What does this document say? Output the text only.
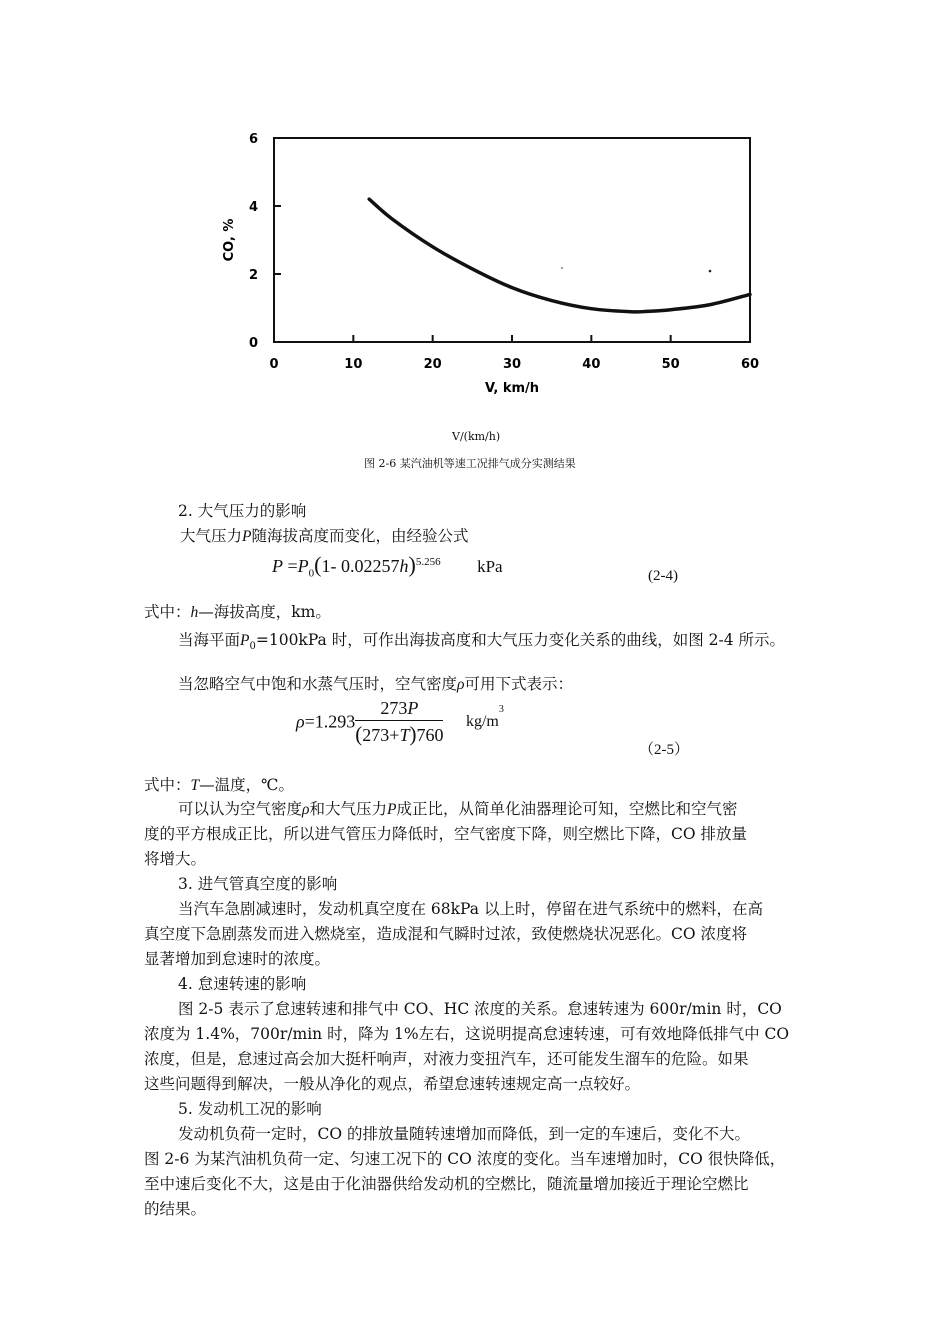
0
2
4
6
0	10	20	30	40	50	60
CO, %
V, km/h
V/(km/h)
图 2-6 某汽油机等速工况排气成分实测结果
2. 大气压力的影响
大气压力P随海拔高度而变化，由经验公式
$P =P_0(1-$ 0.02257h)$^{5.256}$ kPa	(2-4)
式中：h—海拔高度，km。
当海平面$P_0=100kPa$ 时，可作出海拔高度和大气压力变化关系的曲线，如图 2-4 所示。
当忽略空气中饱和水蒸气压时，空气密度ρ可用下式表示：
$\rho=1.293 \frac{273P}{(273+T)760} kg/m^3$
（2-5）
式中：T—温度，℃。
可以认为空气密度ρ和大气压力P成正比，从简单化油器理论可知，空燃比和空气密
度的平方根成正比，所以进气管压力降低时，空气密度下降，则空燃比下降，CO 排放量
将增大。
3. 进气管真空度的影响
当汽车急剧减速时，发动机真空度在 68kPa 以上时，停留在进气系统中的燃料，在高
真空度下急剧蒸发而进入燃烧室，造成混和气瞬时过浓，致使燃烧状况恶化。CO 浓度将
显著增加到怠速时的浓度。
4. 怠速转速的影响
图 2-5 表示了怠速转速和排气中 CO、HC 浓度的关系。怠速转速为 600r/min 时，CO
浓度为 1.4%，700r/min 时，降为 1%左右，这说明提高怠速转速，可有效地降低排气中 CO
浓度，但是，怠速过高会加大挺杆响声，对液力变扭汽车，还可能发生溜车的危险。如果
这些问题得到解决，一般从净化的观点，希望怠速转速规定高一点较好。
5. 发动机工况的影响
发动机负荷一定时，CO 的排放量随转速增加而降低，到一定的车速后，变化不大。
图 2-6 为某汽油机负荷一定、匀速工况下的 CO 浓度的变化。当车速增加时，CO 很快降低，
至中速后变化不大，这是由于化油器供给发动机的空燃比，随流量增加接近于理论空燃比
的结果。
